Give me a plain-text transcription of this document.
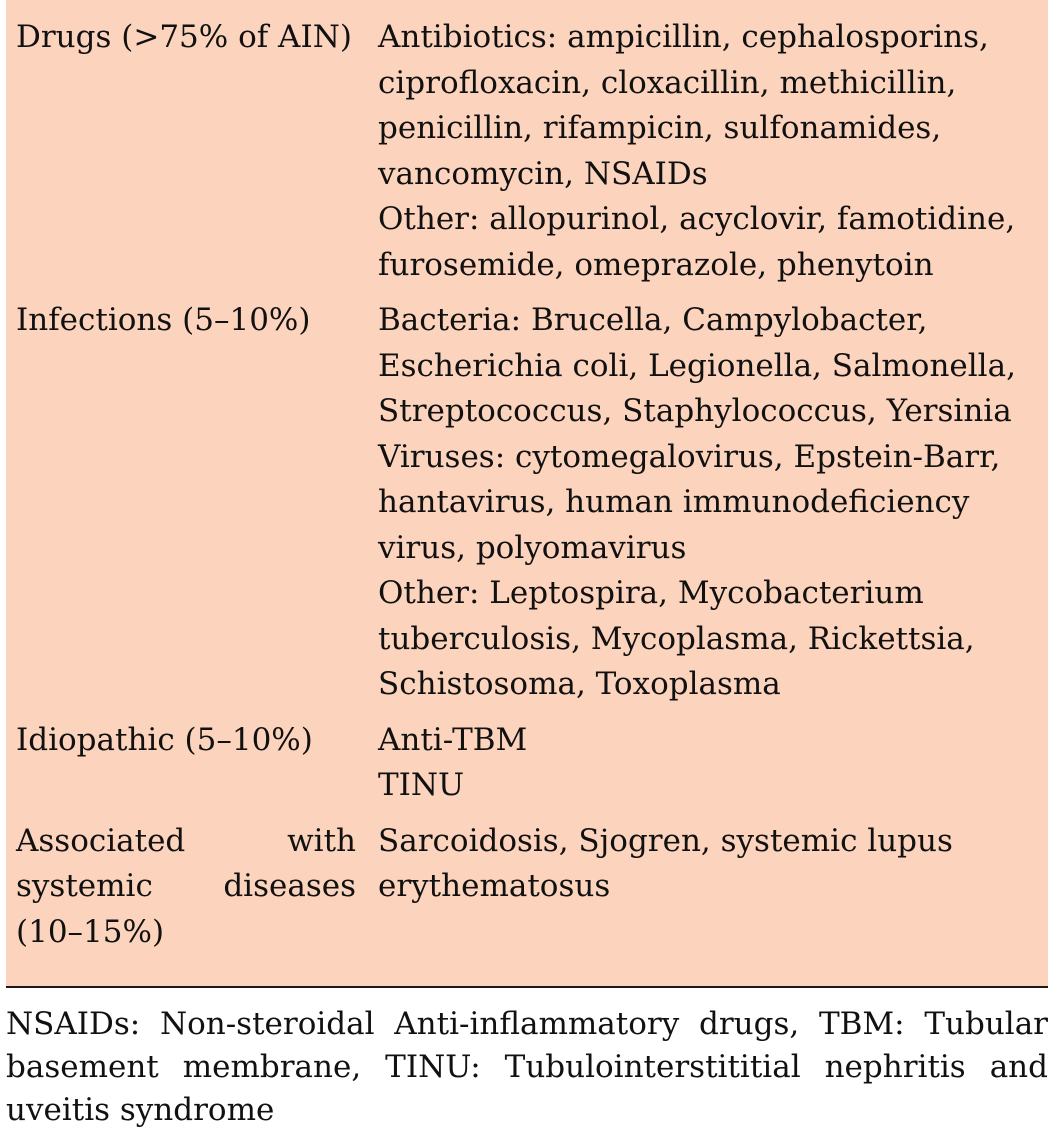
Drugs (>75% of AIN)	Antibiotics: ampicillin, cephalosporins, ciprofloxacin, cloxacillin, methicillin, penicillin, rifampicin, sulfonamides, vancomycin, NSAIDs
Other: allopurinol, acyclovir, famotidine, furosemide, omeprazole, phenytoin

Infections (5–10%)	Bacteria: Brucella, Campylobacter, Escherichia coli, Legionella, Salmonella, Streptococcus, Staphylococcus, Yersinia
Viruses: cytomegalovirus, Epstein-Barr, hantavirus, human immunodeficiency virus, polyomavirus
Other: Leptospira, Mycobacterium tuberculosis, Mycoplasma, Rickettsia, Schistosoma, Toxoplasma

Idiopathic (5–10%)	Anti-TBM
TINU

Associated with systemic diseases (10–15%)	Sarcoidosis, Sjogren, systemic lupus erythematosus
NSAIDs: Non-steroidal Anti-inflammatory drugs, TBM: Tubular basement membrane, TINU: Tubulointerstititial nephritis and uveitis syndrome
